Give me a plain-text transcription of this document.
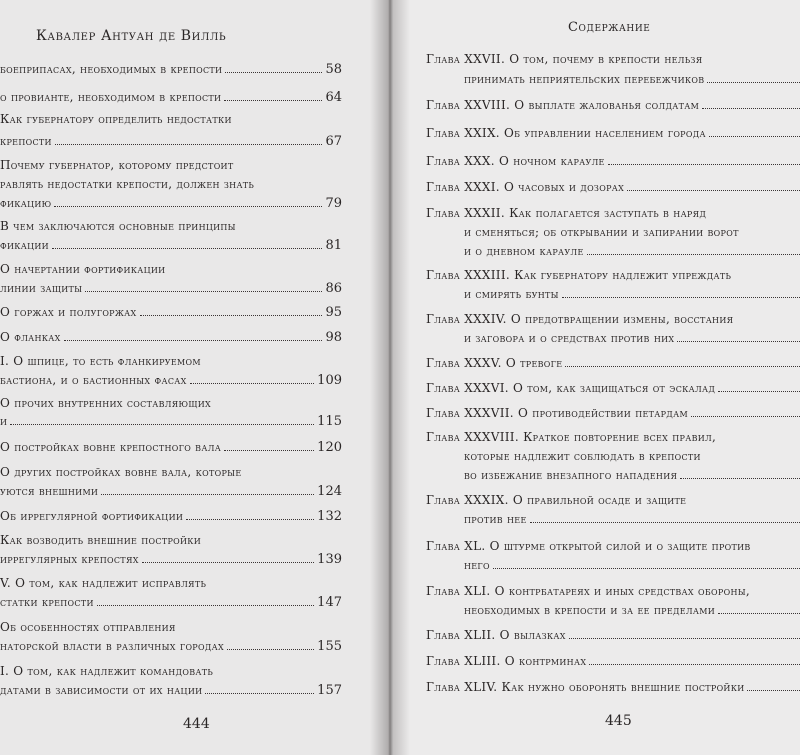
Кавалер Антуан де Вилль
боеприпасах, необходимых в крепости	58
о провианте, необходимом в крепости	64
Как губернатору определить недостатки
крепости	67
Почему губернатор, которому предстоит
равлять недостатки крепости, должен знать
фикацию	79
В чем заключаются основные принципы
фикации	81
О начертании фортификации
линии защиты	86
О горжах и полугоржах	95
О фланках	98
I. О шпице, то есть фланкируемом
бастиона, и о бастионных фасах	109
О прочих внутренних составляющих
и	115
О постройках вовне крепостного вала	120
О других постройках вовне вала, которые
уются внешними	124
Об иррегулярной фортификации	132
Как возводить внешние постройки
иррегулярных крепостях	139
V. О том, как надлежит исправлять
статки крепости	147
Об особенностях отправления
наторской власти в различных городах	155
I. О том, как надлежит командовать
датами в зависимости от их нации	157
444
Содержание
Глава XXVII.
О том, почему в крепости нельзя
принимать неприятельских перебежчиков
Глава XXVIII.
О выплате жалованья солдатам
Глава XXIX.
Об управлении населением города
Глава XXX.
О ночном карауле
Глава XXXI.
О часовых и дозорах
Глава XXXII.
Как полагается заступать в наряд
и сменяться; об открывании и запирании ворот
и о дневном карауле
Глава XXXIII.
Как губернатору надлежит упреждать
и смирять бунты
Глава XXXIV.
О предотвращении измены, восстания
и заговора и о средствах против них
Глава XXXV.
О тревоге
Глава XXXVI.
О том, как защищаться от эскалад
Глава XXXVII.
О противодействии петардам
Глава XXXVIII.
Краткое повторение всех правил,
которые надлежит соблюдать в крепости
во избежание внезапного нападения
Глава XXXIX.
О правильной осаде и защите
против нее
Глава XL.
О штурме открытой силой и о защите против
него
Глава XLI.
О контрбатареях и иных средствах обороны,
необходимых в крепости и за ее пределами
Глава XLII.
О вылазках
Глава XLIII.
О контрминах
Глава XLIV.
Как нужно оборонять внешние постройки
445
